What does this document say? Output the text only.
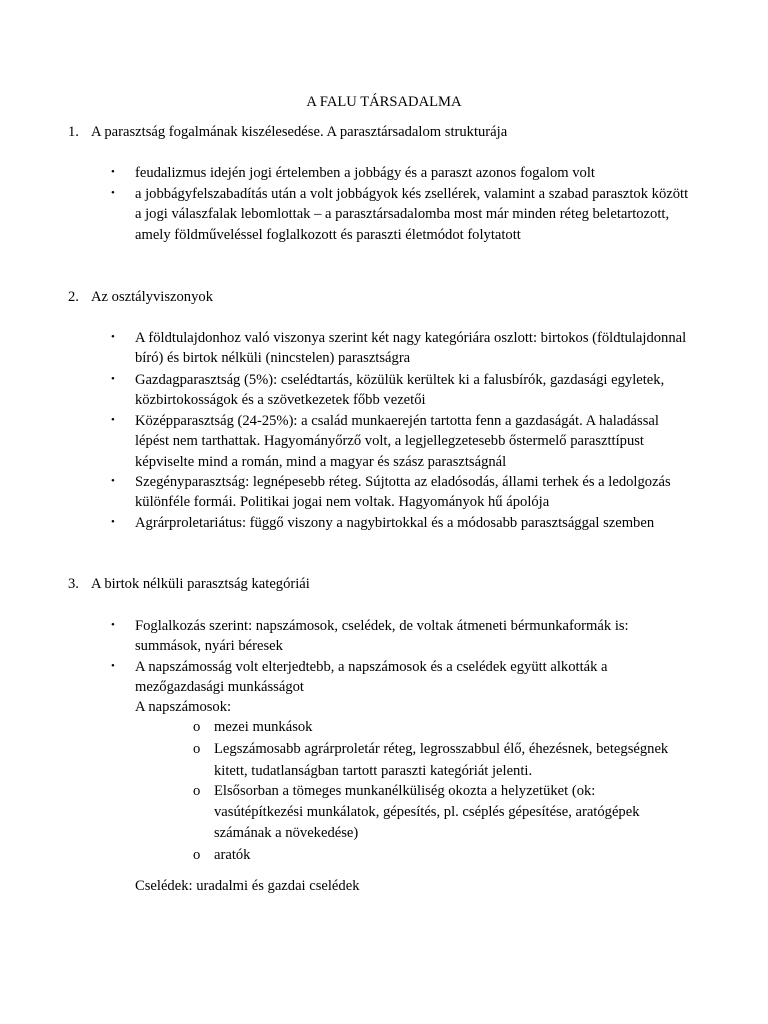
A FALU TÁRSADALMA
1. A parasztság fogalmának kiszélesedése. A parasztársadalom strukturája
• feudalizmus idején jogi értelemben a jobbágy és a paraszt azonos fogalom volt
• a jobbágyfelszabadítás után a volt jobbágyok kés zsellérek, valamint a szabad parasztok között a jogi válaszfalak lebomlottak – a parasztársadalomba most már minden réteg beletartozott, amely földműveléssel foglalkozott és paraszti életmódot folytatott
2. Az osztályviszonyok
• A földtulajdonhoz való viszonya szerint két nagy kategóriára oszlott: birtokos (földtulajdonnal bíró) és birtok nélküli (nincstelen) parasztságra
• Gazdagparasztság (5%): cselédtartás, közülük kerültek ki a falusbírók, gazdasági egyletek, közbirtokosságok és a szövetkezetek főbb vezetői
• Középparasztság (24-25%): a család munkaerején tartotta fenn a gazdaságát. A haladással lépést nem tarthattak. Hagyományőrző volt, a legjellegzetesebb őstermelő paraszttípust képviselte mind a román, mind a magyar és szász parasztságnál
• Szegényparasztság: legnépesebb réteg. Sújtotta az eladósodás, állami terhek és a ledolgozás különféle formái. Politikai jogai nem voltak. Hagyományok hű ápolója
• Agrárproletariátus: függő viszony a nagybirtokkal és a módosabb parasztsággal szemben
3. A birtok nélküli parasztság kategóriái
• Foglalkozás szerint: napszámosok, cselédek, de voltak átmeneti bérmunkaformák is: summások, nyári béresek
• A napszámosság volt elterjedtebb, a napszámosok és a cselédek együtt alkották a mezőgazdasági munkásságot
A napszámosok:
o mezei munkások
o Legszámosabb agrárproletár réteg, legrosszabbul élő, éhezésnek, betegségnek kitett, tudatlanságban tartott paraszti kategóriát jelenti.
o Elsősorban a tömeges munkanélküliség okozta a helyzetüket (ok: vasútépítkezési munkálatok, gépesítés, pl. cséplés gépesítése, aratógépek számának a növekedése)
o aratók
Cselédek: uradalmi és gazdai cselédek
